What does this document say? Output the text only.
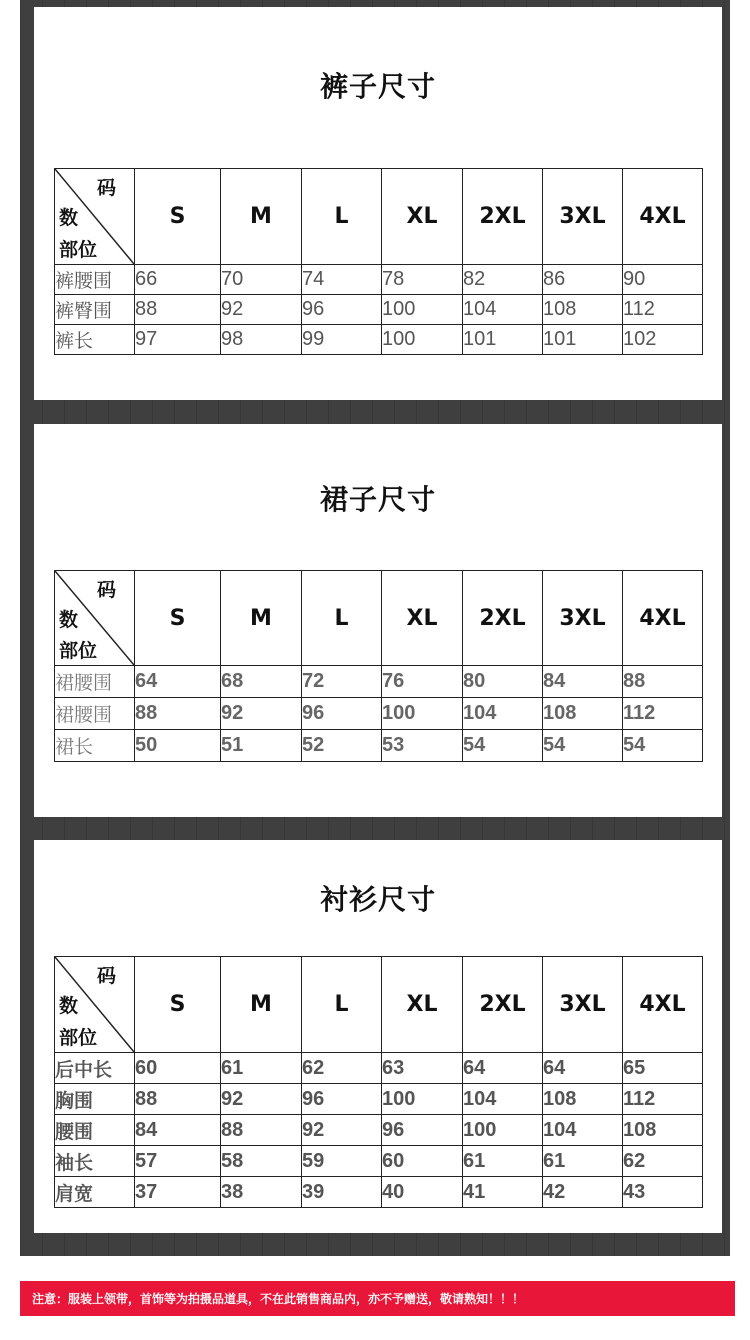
裤子尺寸
码
数
部位	S	M	L	XL	2XL	3XL	4XL
裤腰围	66	70	74	78	82	86	90
裤臀围	88	92	96	100	104	108	112
裤长	97	98	99	100	101	101	102
裙子尺寸
码
数
部位	S	M	L	XL	2XL	3XL	4XL
裙腰围	64	68	72	76	80	84	88
裙腰围	88	92	96	100	104	108	112
裙长	50	51	52	53	54	54	54
衬衫尺寸
码
数
部位	S	M	L	XL	2XL	3XL	4XL
后中长	60	61	62	63	64	64	65
胸围	88	92	96	100	104	108	112
腰围	84	88	92	96	100	104	108
袖长	57	58	59	60	61	61	62
肩宽	37	38	39	40	41	42	43
注意：服装上领带，首饰等为拍摄品道具，不在此销售商品内，亦不予赠送，敬请熟知！！！
